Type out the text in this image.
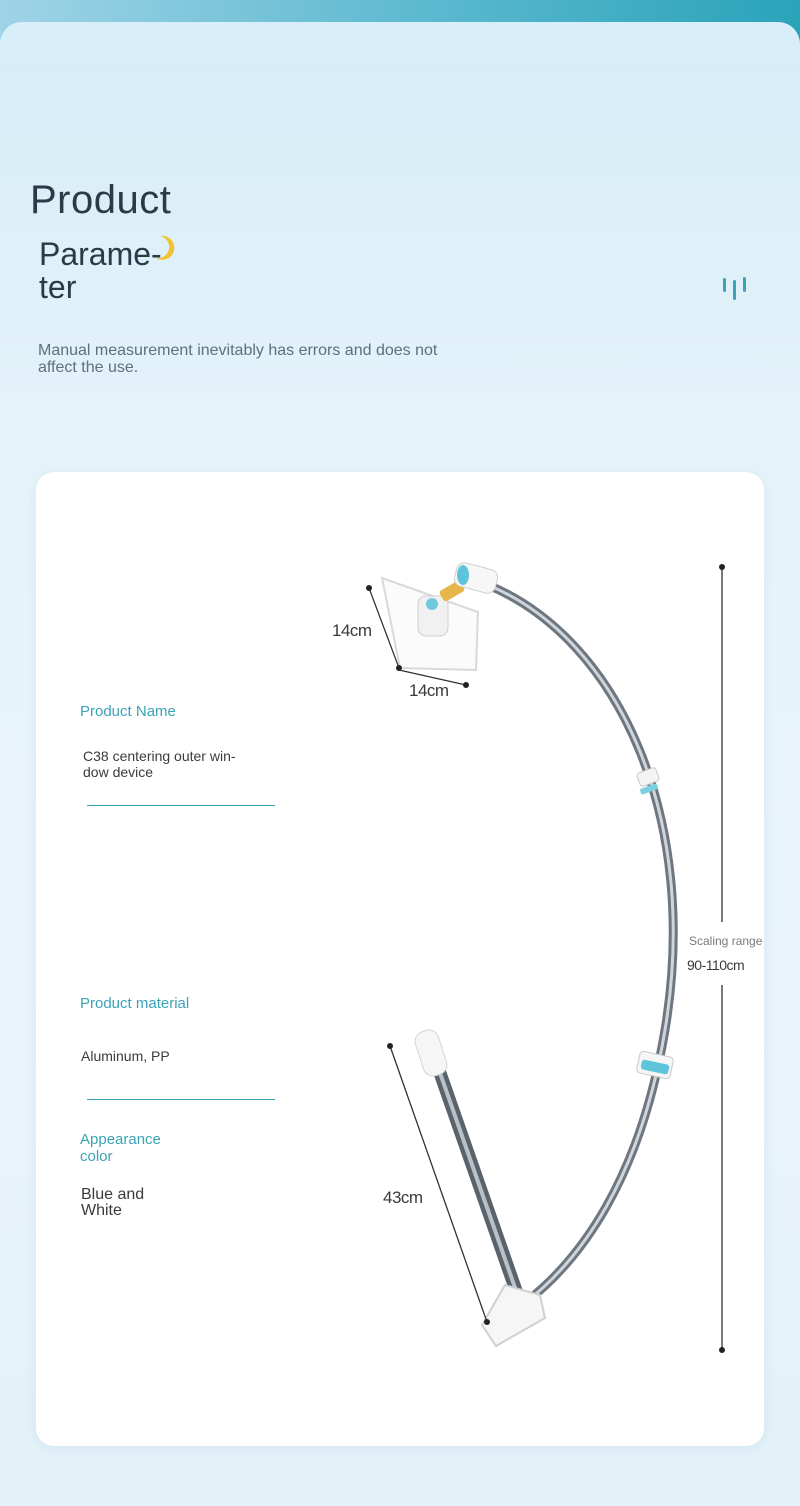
Product
Parame-
ter
Manual measurement inevitably has errors and does not affect the use.
Product Name
C38 centering outer win-
dow device
Product material
Aluminum, PP
Appearance
color
Blue and
White
14cm
14cm
43cm
Scaling range
90-110cm
